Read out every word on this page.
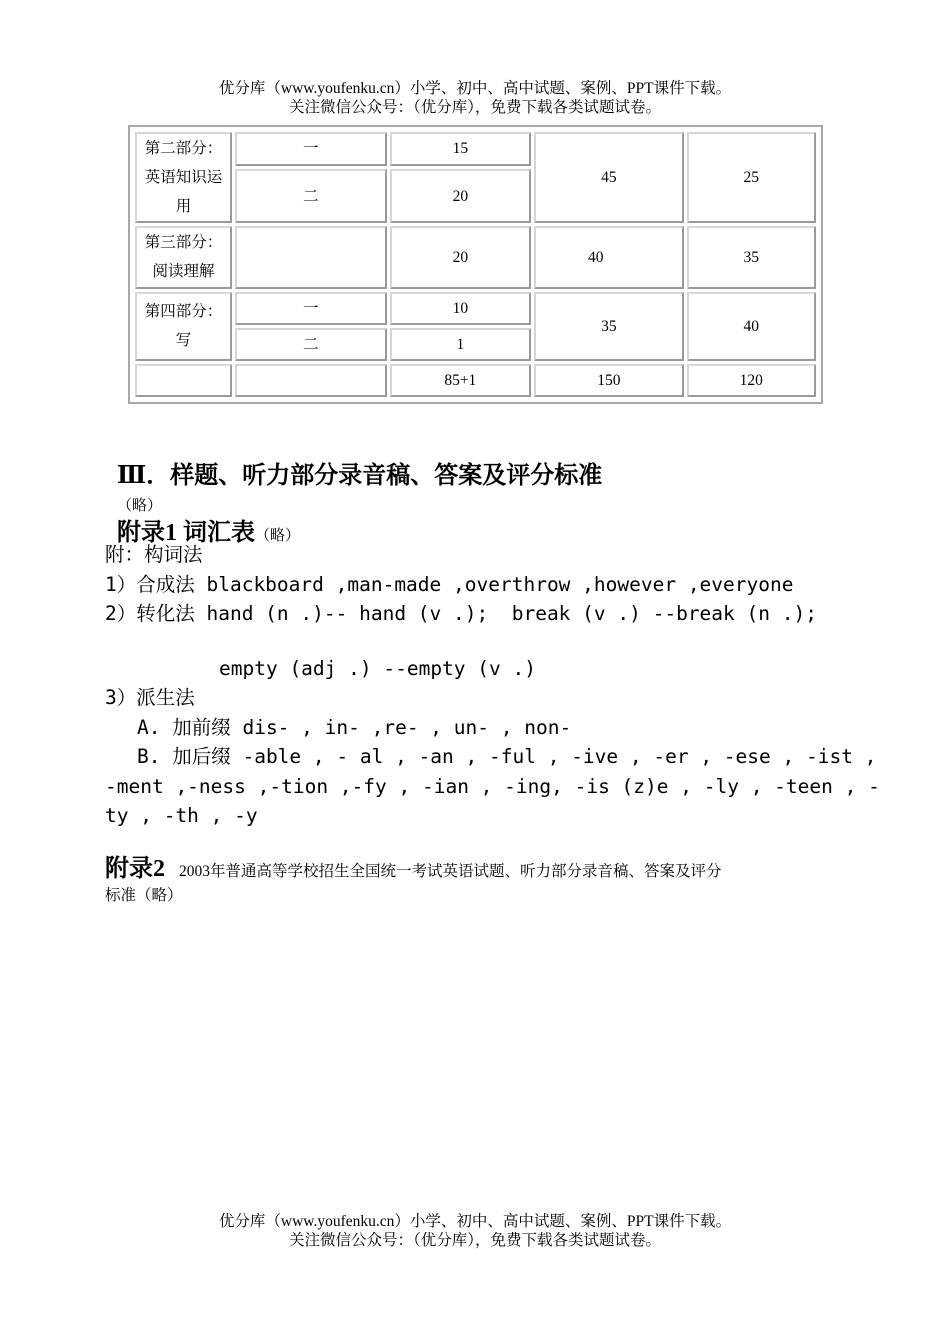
优分库（www.youfenku.cn）小学、初中、高中试题、案例、PPT课件下载。
关注微信公众号：（优分库），免费下载各类试题试卷。
第二部分：
英语知识运
用	一	15	45	25
	二	20		

第三部分：
阅读理解		20	40	35

第四部分：
写	一	10	35	40
	二	1		
		85+1	150	120

Ⅲ．样题、听力部分录音稿、答案及评分标准
（略）

附录1 词汇表（略）

附：构词法
1）合成法 blackboard ,man-made ,overthrow ,however ,everyone
2）转化法 hand (n .)-- hand (v .);  break (v .) --break (n .);
empty (adj .) --empty (v .)
3）派生法
A. 加前缀 dis- , in- ,re- , un- , non-
B. 加后缀 -able , - al , -an , -ful , -ive , -er , -ese , -ist ,
-ment ,-ness ,-tion ,-fy , -ian , -ing, -is (z)e , -ly , -teen , -
ty , -th , -y
附录2 2003年普通高等学校招生全国统一考试英语试题、听力部分录音稿、答案及评分
标准（略）
优分库（www.youfenku.cn）小学、初中、高中试题、案例、PPT课件下载。
关注微信公众号：（优分库），免费下载各类试题试卷。
